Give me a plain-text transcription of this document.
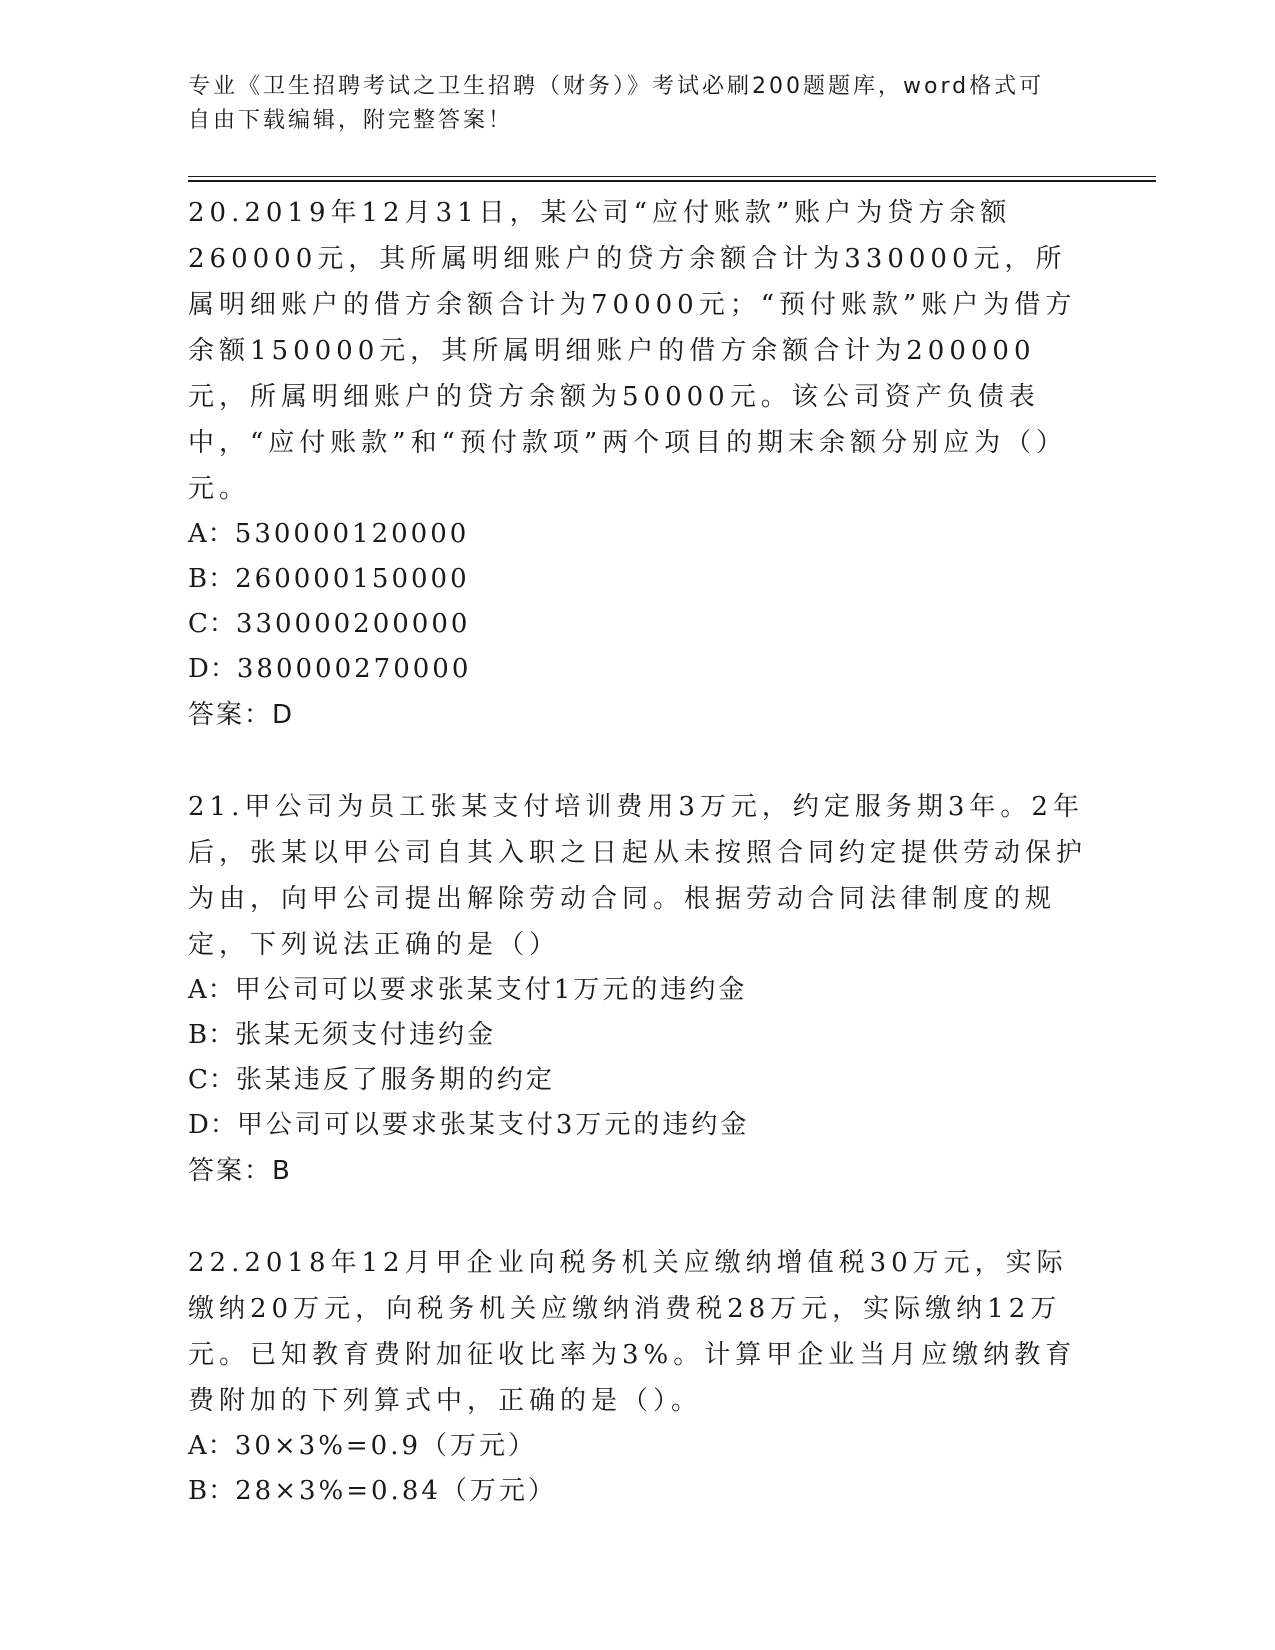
专业《卫生招聘考试之卫生招聘（财务）》考试必刷200题题库，word格式可自由下载编辑，附完整答案！

20.2019年12月31日，某公司“应付账款”账户为贷方余额260000元，其所属明细账户的贷方余额合计为330000元，所属明细账户的借方余额合计为70000元；“预付账款”账户为借方余额150000元，其所属明细账户的借方余额合计为200000元，所属明细账户的贷方余额为50000元。该公司资产负债表中，“应付账款”和“预付款项”两个项目的期末余额分别应为（）元。

A：530000120000

B：260000150000

C：330000200000

D：380000270000

答案：D

21.甲公司为员工张某支付培训费用3万元，约定服务期3年。2年后，张某以甲公司自其入职之日起从未按照合同约定提供劳动保护为由，向甲公司提出解除劳动合同。根据劳动合同法律制度的规定，下列说法正确的是（）

A：甲公司可以要求张某支付1万元的违约金

B：张某无须支付违约金

C：张某违反了服务期的约定

D：甲公司可以要求张某支付3万元的违约金

答案：B

22.2018年12月甲企业向税务机关应缴纳增值税30万元，实际缴纳20万元，向税务机关应缴纳消费税28万元，实际缴纳12万元。已知教育费附加征收比率为3%。计算甲企业当月应缴纳教育费附加的下列算式中，正确的是（）。

A：30×3%=0.9（万元）

B：28×3%=0.84（万元）
